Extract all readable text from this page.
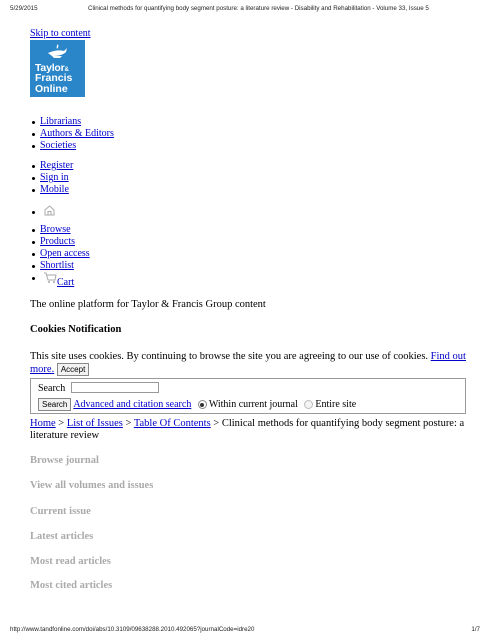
5/29/2015	Clinical methods for quantifying body segment posture: a literature review - Disability and Rehabilitation - Volume 33, Issue 5
Skip to content
Taylor&
Francis
Online
Librarians
Authors & Editors
Societies
Register
Sign in
Mobile
Browse
Products
Open access
Shortlist
Cart
The online platform for Taylor & Francis Group content
Cookies Notification
This site uses cookies. By continuing to browse the site you are agreeing to our use of cookies. Find out more. Accept
Search
Search Advanced and citation search Within current journal Entire site
Home > List of Issues > Table Of Contents > Clinical methods for quantifying body segment posture: a literature review
Browse journal
View all volumes and issues
Current issue
Latest articles
Most read articles
Most cited articles
http://www.tandfonline.com/doi/abs/10.3109/09638288.2010.492065?journalCode=idre20	1/7
